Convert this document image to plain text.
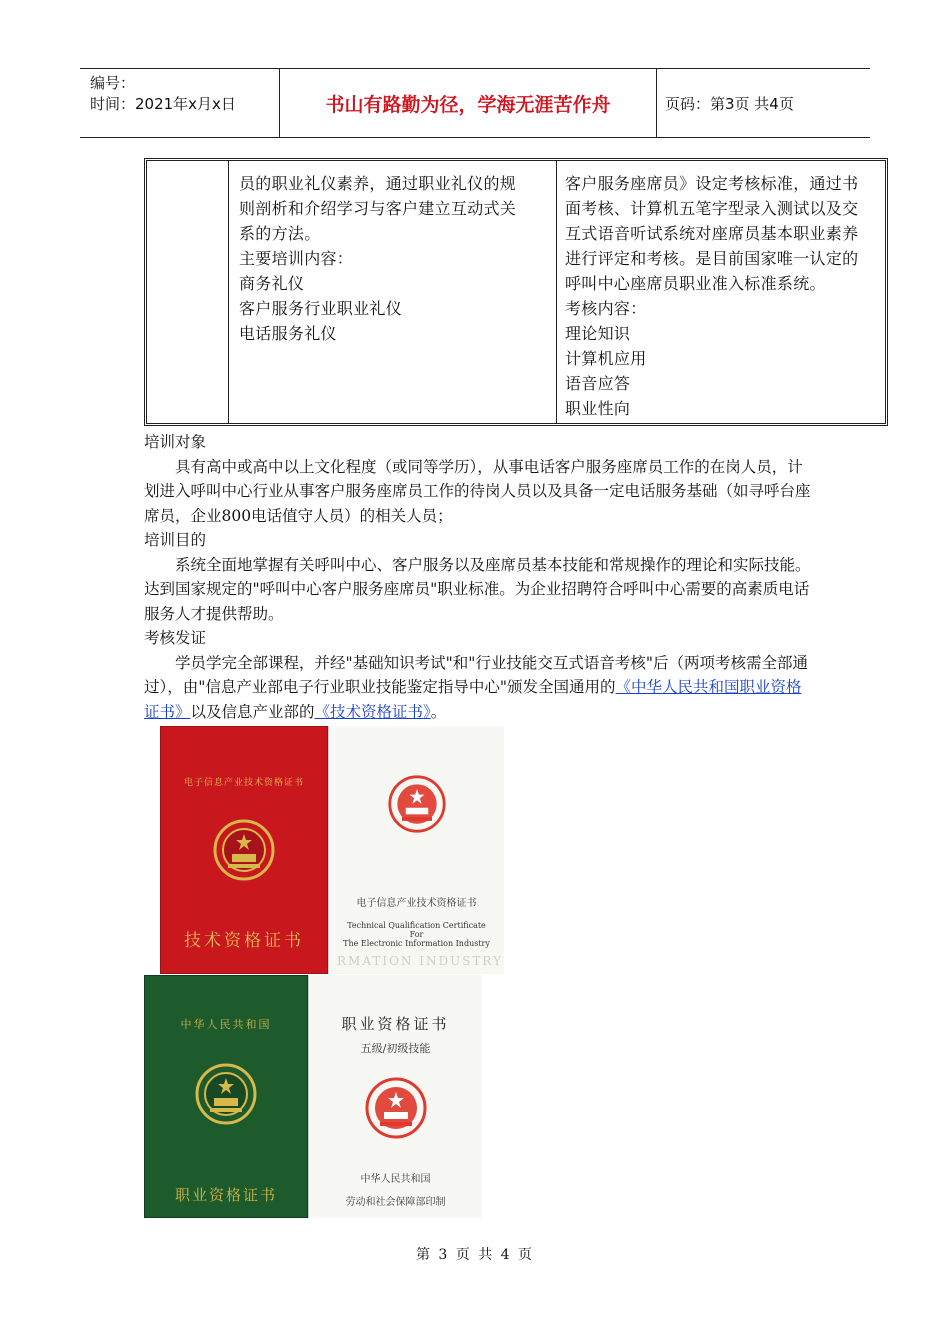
编号：
时间：2021年x月x日	书山有路勤为径，学海无涯苦作舟	页码：第3页 共4页

员的职业礼仪素养，通过职业礼仪的规

则剖析和介绍学习与客户建立互动式关

系的方法。

主要培训内容：

商务礼仪

客户服务行业职业礼仪

电话服务礼仪

客户服务座席员》设定考核标准，通过书

面考核、计算机五笔字型录入测试以及交

互式语音听试系统对座席员基本职业素养

进行评定和考核。是目前国家唯一认定的

呼叫中心座席员职业准入标准系统。

考核内容：

理论知识

计算机应用

语音应答

职业性向

培训对象

具有高中或高中以上文化程度（或同等学历），从事电话客户服务座席员工作的在岗人员，计划进入呼叫中心行业从事客户服务座席员工作的待岗人员以及具备一定电话服务基础（如寻呼台座席员，企业800电话值守人员）的相关人员；

培训目的

系统全面地掌握有关呼叫中心、客户服务以及座席员基本技能和常规操作的理论和实际技能。达到国家规定的"呼叫中心客户服务座席员"职业标准。为企业招聘符合呼叫中心需要的高素质电话服务人才提供帮助。

考核发证

学员学完全部课程，并经"基础知识考试"和"行业技能交互式语音考核"后（两项考核需全部通过），由"信息产业部电子行业职业技能鉴定指导中心"颁发全国通用的《中华人民共和国职业资格证书》以及信息产业部的《技术资格证书》。

电子信息产业技术资格证书
技术资格证书
电子信息产业技术资格证书
Technical Qualification Certificate
For
The Electronic Information Industry
RMATION INDUSTRY
中华人民共和国
职业资格证书
职业资格证书
五级/初级技能
中华人民共和国
劳动和社会保障部印制
第 3 页 共 4 页
